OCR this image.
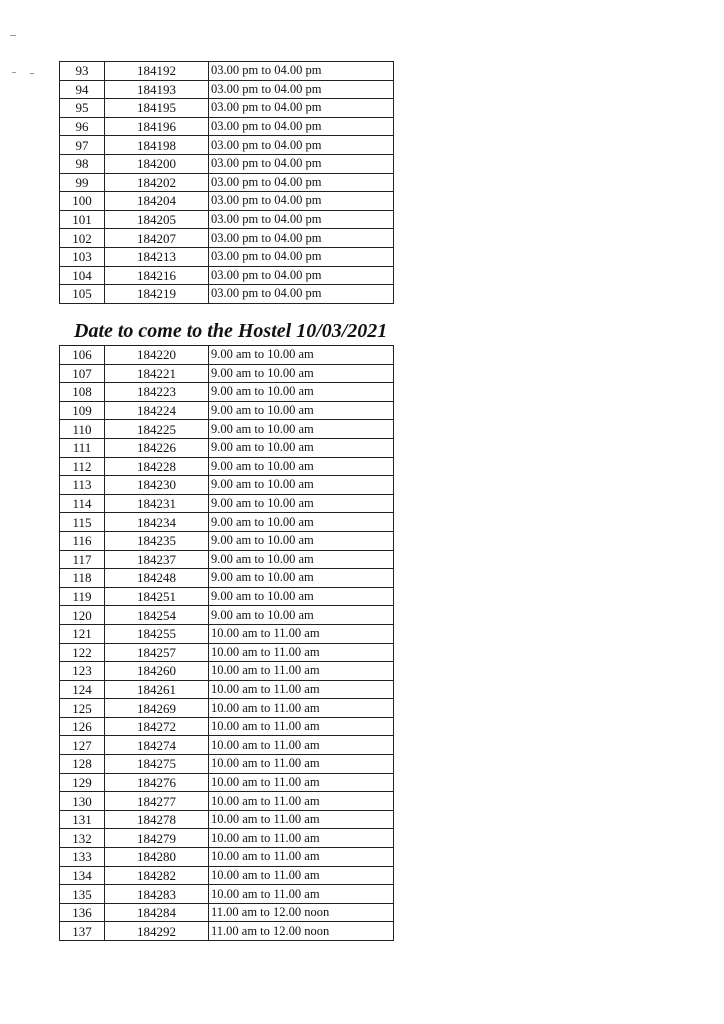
93	184192	03.00 pm to 04.00 pm
94	184193	03.00 pm to 04.00 pm
95	184195	03.00 pm to 04.00 pm
96	184196	03.00 pm to 04.00 pm
97	184198	03.00 pm to 04.00 pm
98	184200	03.00 pm to 04.00 pm
99	184202	03.00 pm to 04.00 pm
100	184204	03.00 pm to 04.00 pm
101	184205	03.00 pm to 04.00 pm
102	184207	03.00 pm to 04.00 pm
103	184213	03.00 pm to 04.00 pm
104	184216	03.00 pm to 04.00 pm
105	184219	03.00 pm to 04.00 pm
Date to come to the Hostel 10/03/2021
106	184220	9.00 am to 10.00 am
107	184221	9.00 am to 10.00 am
108	184223	9.00 am to 10.00 am
109	184224	9.00 am to 10.00 am
110	184225	9.00 am to 10.00 am
111	184226	9.00 am to 10.00 am
112	184228	9.00 am to 10.00 am
113	184230	9.00 am to 10.00 am
114	184231	9.00 am to 10.00 am
115	184234	9.00 am to 10.00 am
116	184235	9.00 am to 10.00 am
117	184237	9.00 am to 10.00 am
118	184248	9.00 am to 10.00 am
119	184251	9.00 am to 10.00 am
120	184254	9.00 am to 10.00 am
121	184255	10.00 am to 11.00 am
122	184257	10.00 am to 11.00 am
123	184260	10.00 am to 11.00 am
124	184261	10.00 am to 11.00 am
125	184269	10.00 am to 11.00 am
126	184272	10.00 am to 11.00 am
127	184274	10.00 am to 11.00 am
128	184275	10.00 am to 11.00 am
129	184276	10.00 am to 11.00 am
130	184277	10.00 am to 11.00 am
131	184278	10.00 am to 11.00 am
132	184279	10.00 am to 11.00 am
133	184280	10.00 am to 11.00 am
134	184282	10.00 am to 11.00 am
135	184283	10.00 am to 11.00 am
136	184284	11.00 am to 12.00 noon
137	184292	11.00 am to 12.00 noon
